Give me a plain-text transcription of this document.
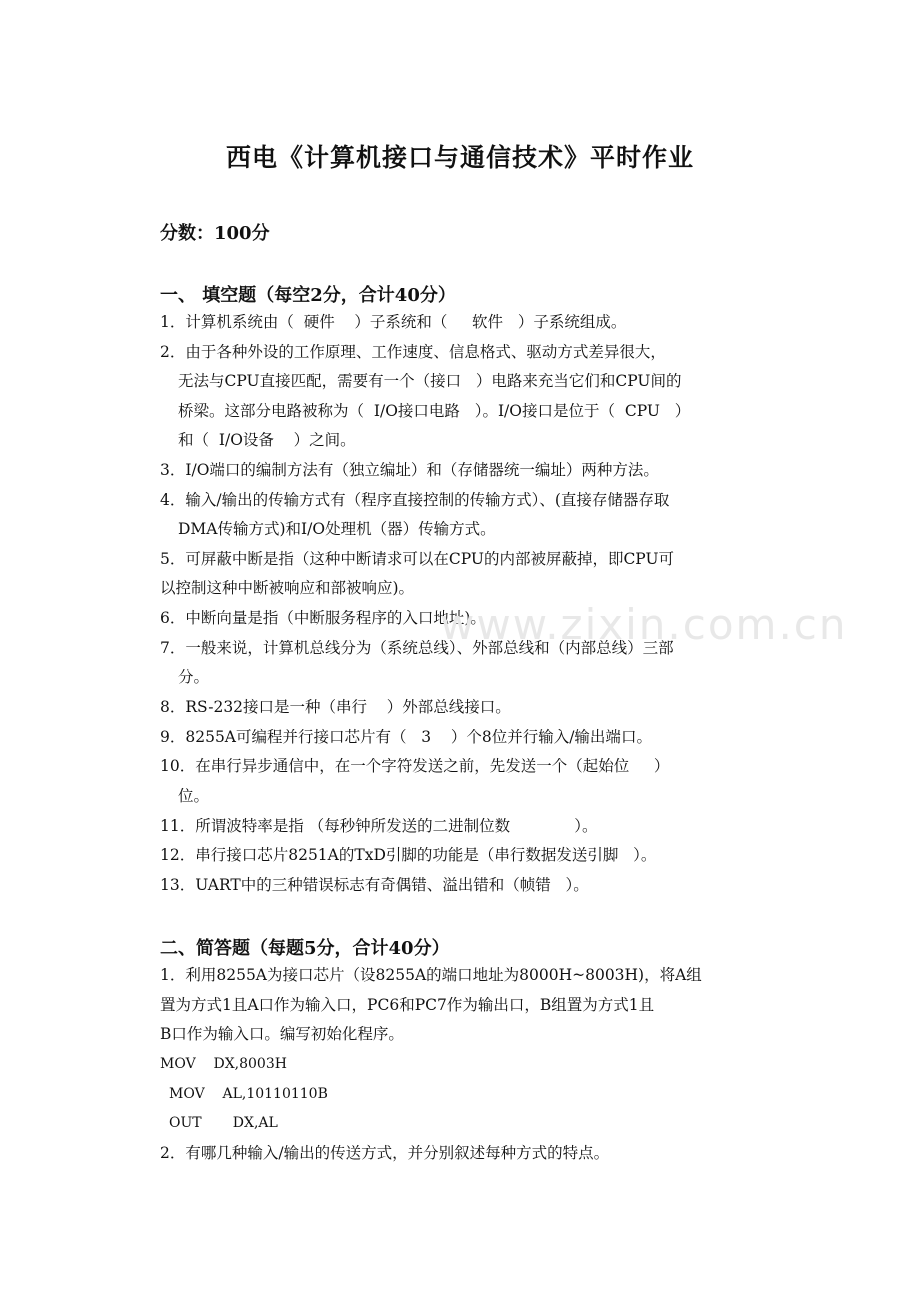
西电《计算机接口与通信技术》平时作业
分数：100分
一、 填空题（每空2分，合计40分）
1．计算机系统由（  硬件    ）子系统和（     软件   ）子系统组成。
2．由于各种外设的工作原理、工作速度、信息格式、驱动方式差异很大，
无法与CPU直接匹配，需要有一个（接口   ）电路来充当它们和CPU间的
桥梁。这部分电路被称为（  I/O接口电路   ）。I/O接口是位于（  CPU   ）
和（  I/O设备    ）之间。
3．I/O端口的编制方法有（独立编址）和（存储器统一编址）两种方法。
4．输入/输出的传输方式有（程序直接控制的传输方式）、(直接存储器存取
DMA传输方式)和I/O处理机（器）传输方式。
5．可屏蔽中断是指（这种中断请求可以在CPU的内部被屏蔽掉，即CPU可
以控制这种中断被响应和部被响应)。
6．中断向量是指（中断服务程序的入口地址)。
7．一般来说，计算机总线分为（系统总线）、外部总线和（内部总线）三部
分。
8．RS-232接口是一种（串行    ）外部总线接口。
9．8255A可编程并行接口芯片有（   3    ）个8位并行输入/输出端口。
10．在串行异步通信中，在一个字符发送之前，先发送一个（起始位     ）
位。
11．所谓波特率是指 （每秒钟所发送的二进制位数             ）。
12．串行接口芯片8251A的TxD引脚的功能是（串行数据发送引脚   ）。
13．UART中的三种错误标志有奇偶错、溢出错和（帧错   ）。
二、简答题（每题5分，合计40分）
1．利用8255A为接口芯片（设8255A的端口地址为8000H~8003H)，将A组
置为方式1且A口作为输入口，PC6和PC7作为输出口，B组置为方式1且
B口作为输入口。编写初始化程序。
MOV    DX,8003H
MOV    AL,10110110B
OUT       DX,AL
2．有哪几种输入/输出的传送方式，并分别叙述每种方式的特点。
www.zixin.com.cn
